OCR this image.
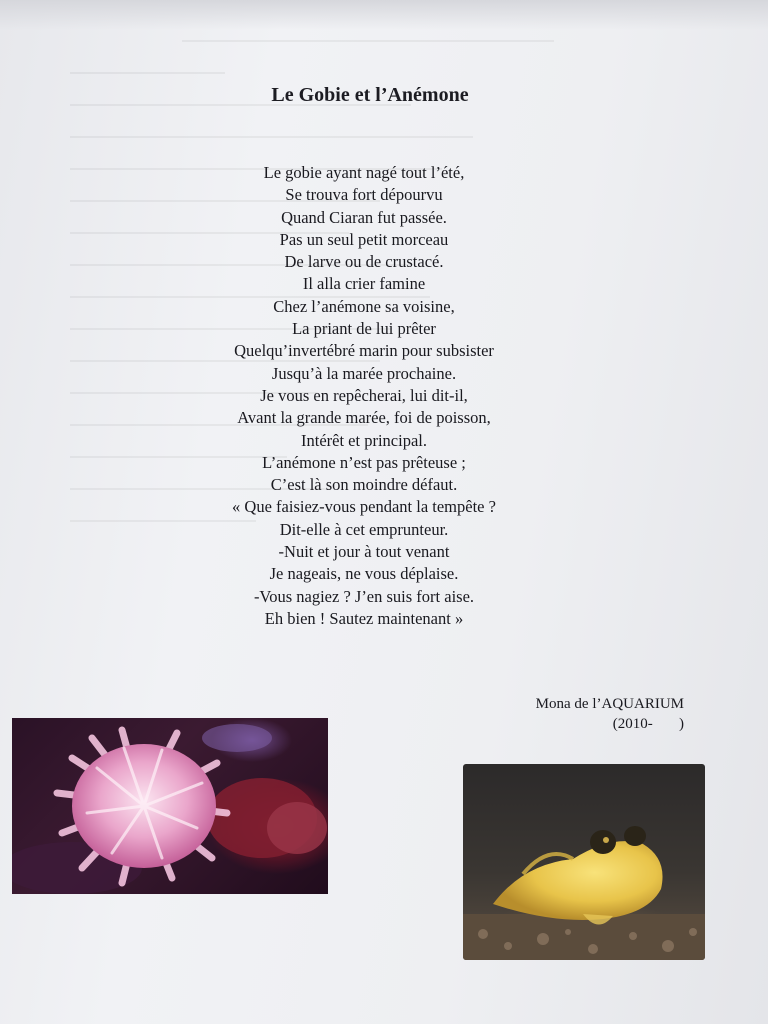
Le Gobie et l’Anémone
Le gobie ayant nagé tout l’été,
Se trouva fort dépourvu
Quand Ciaran fut passée.
Pas un seul petit morceau
De larve ou de crustacé.
Il alla crier famine
Chez l’anémone sa voisine,
La priant de lui prêter
Quelqu’invertébré marin pour subsister
Jusqu’à la marée prochaine.
Je vous en repêcherai, lui dit-il,
Avant la grande marée, foi de poisson,
Intérêt et principal.
L’anémone n’est pas prêteuse ;
C’est là son moindre défaut.
« Que faisiez-vous pendant la tempête ?
Dit-elle à cet emprunteur.
-Nuit et jour à tout venant
Je nageais, ne vous déplaise.
-Vous nagiez ? J’en suis fort aise.
Eh bien ! Sautez maintenant »
Mona de l’AQUARIUM
(2010-       )
